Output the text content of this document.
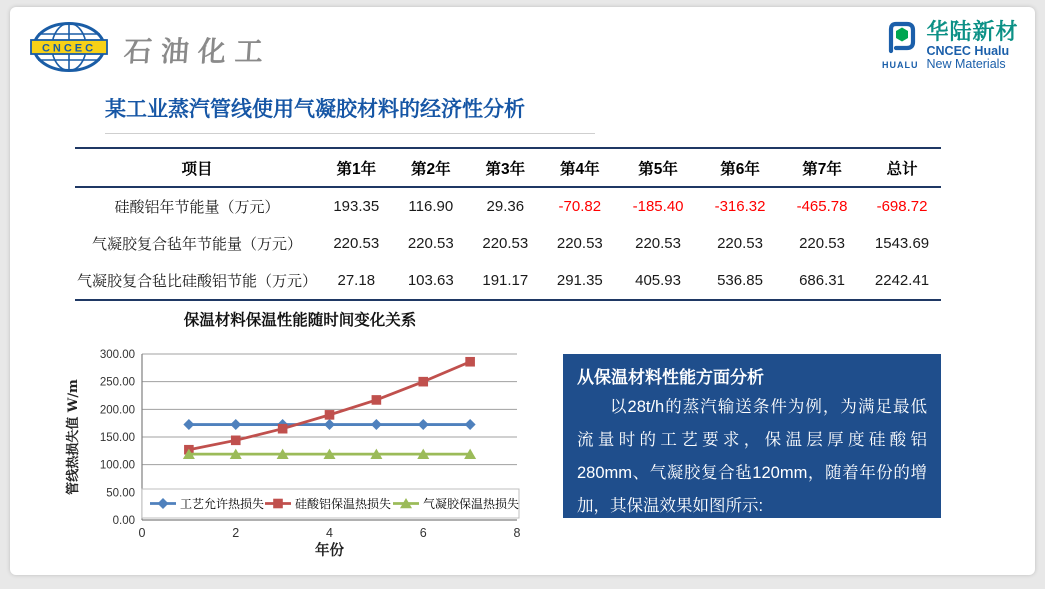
CNCEC 石油化工	HUALU
华陆新材
CNCEC Hualu
New Materials
某工业蒸汽管线使用气凝胶材料的经济性分析
项目	第1年	第2年	第3年	第4年	第5年	第6年	第7年	总计
硅酸铝年节能量（万元）	193.35	116.90	29.36	-70.82	-185.40	-316.32	-465.78	-698.72
气凝胶复合毡年节能量（万元）	220.53	220.53	220.53	220.53	220.53	220.53	220.53	1543.69
气凝胶复合毡比硅酸铝节能（万元）	27.18	103.63	191.17	291.35	405.93	536.85	686.31	2242.41
保温材料保温性能随时间变化关系
0.00
50.00
100.00
150.00
200.00
250.00
300.00
0	2	4	6	8
管线热损失值 W/m
年份
工艺允许热损失	硅酸铝保温热损失	气凝胶保温热损失

从保温材料性能方面分析

以28t/h的蒸汽输送条件为例，为满足最低流量时的工艺要求，保温层厚度硅酸铝280mm、气凝胶复合毡120mm，随着年份的增加，其保温效果如图所示:
